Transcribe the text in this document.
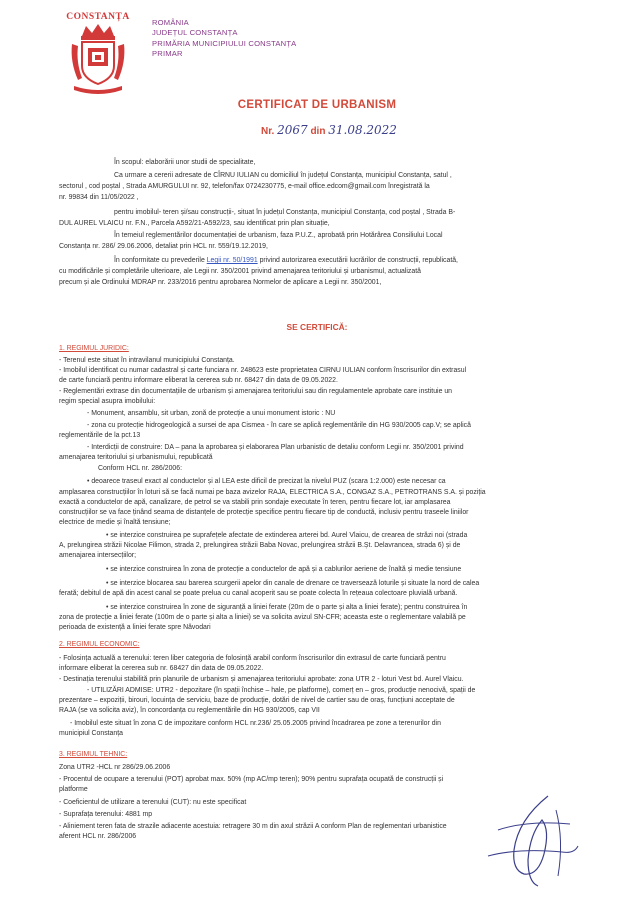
CONSTANȚA
ROMÂNIA
JUDEȚUL CONSTANȚA
PRIMĂRIA MUNICIPIULUI CONSTANȚA
PRIMAR
CERTIFICAT DE URBANISM
Nr. 2067 din 31.08.2022
În scopul: elaborării unor studii de specialitate,
Ca urmare a cererii adresate de CÎRNU IULIAN cu domiciliul în județul Constanța, municipiul Constanța, satul ,
sectorul , cod poștal , Strada AMURGULUI nr. 92, telefon/fax 0724230775, e-mail office.edcom@gmail.com înregistrată la
nr. 99834 din 11/05/2022 ,
pentru imobilul- teren și/sau construcții-, situat în județul Constanța, municipiul Constanța, cod poștal , Strada B-
DUL AUREL VLAICU nr. F.N., Parcela A592/21-A592/23, sau identificat prin plan situație,
În temeiul reglementărilor documentației de urbanism, faza P.U.Z., aprobată prin Hotărârea Consiliului Local
Constanța nr. 286/ 29.06.2006, detaliat prin HCL nr. 559/19.12.2019,
În conformitate cu prevederile Legii nr. 50/1991 privind autorizarea executării lucrărilor de construcții, republicată,
cu modificările și completările ulterioare, ale Legii nr. 350/2001 privind amenajarea teritoriului și urbanismul, actualizată
precum și ale Ordinului MDRAP nr. 233/2016 pentru aprobarea Normelor de aplicare a Legii nr. 350/2001,
SE CERTIFICĂ:
1. REGIMUL JURIDIC:
- Terenul este situat în intravilanul municipiului Constanța.
- Imobilul identificat cu numar cadastral și carte funciara nr. 248623 este proprietatea CIRNU IULIAN conform înscrisurilor din extrasul
de carte funciară pentru informare eliberat la cererea sub nr. 68427 din data de 09.05.2022.
- Reglementări extrase din documentațiile de urbanism și amenajarea teritoriului sau din regulamentele aprobate care instituie un
regim special asupra imobilului:
- Monument, ansamblu, sit urban, zonă de protecție a unui monument istoric : NU
- zona cu protecție hidrogeologică a sursei de apa Cismea - în care se aplică reglementările din HG 930/2005 cap.V; se aplică
reglementările de la pct.13
- Interdicții de construire: DA – pana la aprobarea și elaborarea Plan urbanistic de detaliu conform Legii nr. 350/2001 privind
amenajarea teritoriului și urbanismului, republicată
Conform HCL nr. 286/2006:
• deoarece traseul exact al conductelor și al LEA este dificil de precizat la nivelul PUZ (scara 1:2.000) este necesar ca
amplasarea construcțiilor în loturi să se facă numai pe baza avizelor RAJA, ELECTRICA S.A., CONGAZ S.A., PETROTRANS S.A. și poziția
exactă a conductelor de apă, canalizare, de petrol se va stabili prin sondaje executate în teren, pentru fiecare lot, iar amplasarea
construcțiilor se va face ținând seama de distanțele de protecție specifice pentru fiecare tip de conductă, inclusiv pentru traseele liniilor
electrice de medie și înaltă tensiune;
• se interzice construirea pe suprafețele afectate de extinderea arterei bd. Aurel Vlaicu, de crearea de străzi noi (strada
A, prelungirea străzii Nicolae Filimon, strada 2, prelungirea străzii Baba Novac, prelungirea străzii B.Șt. Delavrancea, strada 6) și de
amenajarea intersecțiilor;
• se interzice construirea în zona de protecție a conductelor de apă și a cablurilor aeriene de înaltă și medie tensiune
• se interzice blocarea sau barerea scurgerii apelor din canale de drenare ce traversează loturile și situate la nord de calea
ferată; debitul de apă din acest canal se poate prelua cu canal acoperit sau se poate colecta în rețeaua colectoare pluvială urbană.
• se interzice construirea în zone de siguranță a liniei ferate (20m de o parte și alta a liniei ferate); pentru construirea în
zona de protecție a liniei ferate (100m de o parte și alta a liniei) se va solicita avizul SN-CFR; aceasta este o reglementare valabilă pe
perioada de existență a liniei ferate spre Năvodari
2. REGIMUL ECONOMIC:
- Folosința actuală a terenului: teren liber categoria de folosință arabil conform înscrisurilor din extrasul de carte funciară pentru
informare eliberat la cererea sub nr. 68427 din data de 09.05.2022.
- Destinația terenului stabilită prin planurile de urbanism și amenajarea teritoriului aprobate: zona UTR 2 - loturi Vest bd. Aurel Vlaicu.
- UTILIZĂRI ADMISE: UTR2 - depozitare (în spații închise – hale, pe platforme), comerț en – gros, producție nenocivă, spații de
prezentare – expoziții, birouri, locuința de serviciu, baze de producție, dotări de nivel de cartier sau de oraș, funcțiuni acceptate de
RAJA (se va solicita aviz), în concordanța cu reglementările din HG 930/2005, cap VII
- Imobilul este situat în zona C de impozitare conform HCL nr.236/ 25.05.2005 privind încadrarea pe zone a terenurilor din
municipiul Constanța
3. REGIMUL TEHNIC:
Zona UTR2 -HCL nr 286/29.06.2006
- Procentul de ocupare a terenului (POT) aprobat max. 50% (mp AC/mp teren); 90% pentru suprafața ocupată de construcții și
platforme
- Coeficientul de utilizare a terenului (CUT): nu este specificat
- Suprafața terenului: 4881 mp
- Aliniement teren fata de strazile adiacente acestuia: retragere 30 m din axul străzii A conform Plan de reglementari urbanistice
aferent HCL nr. 286/2006
